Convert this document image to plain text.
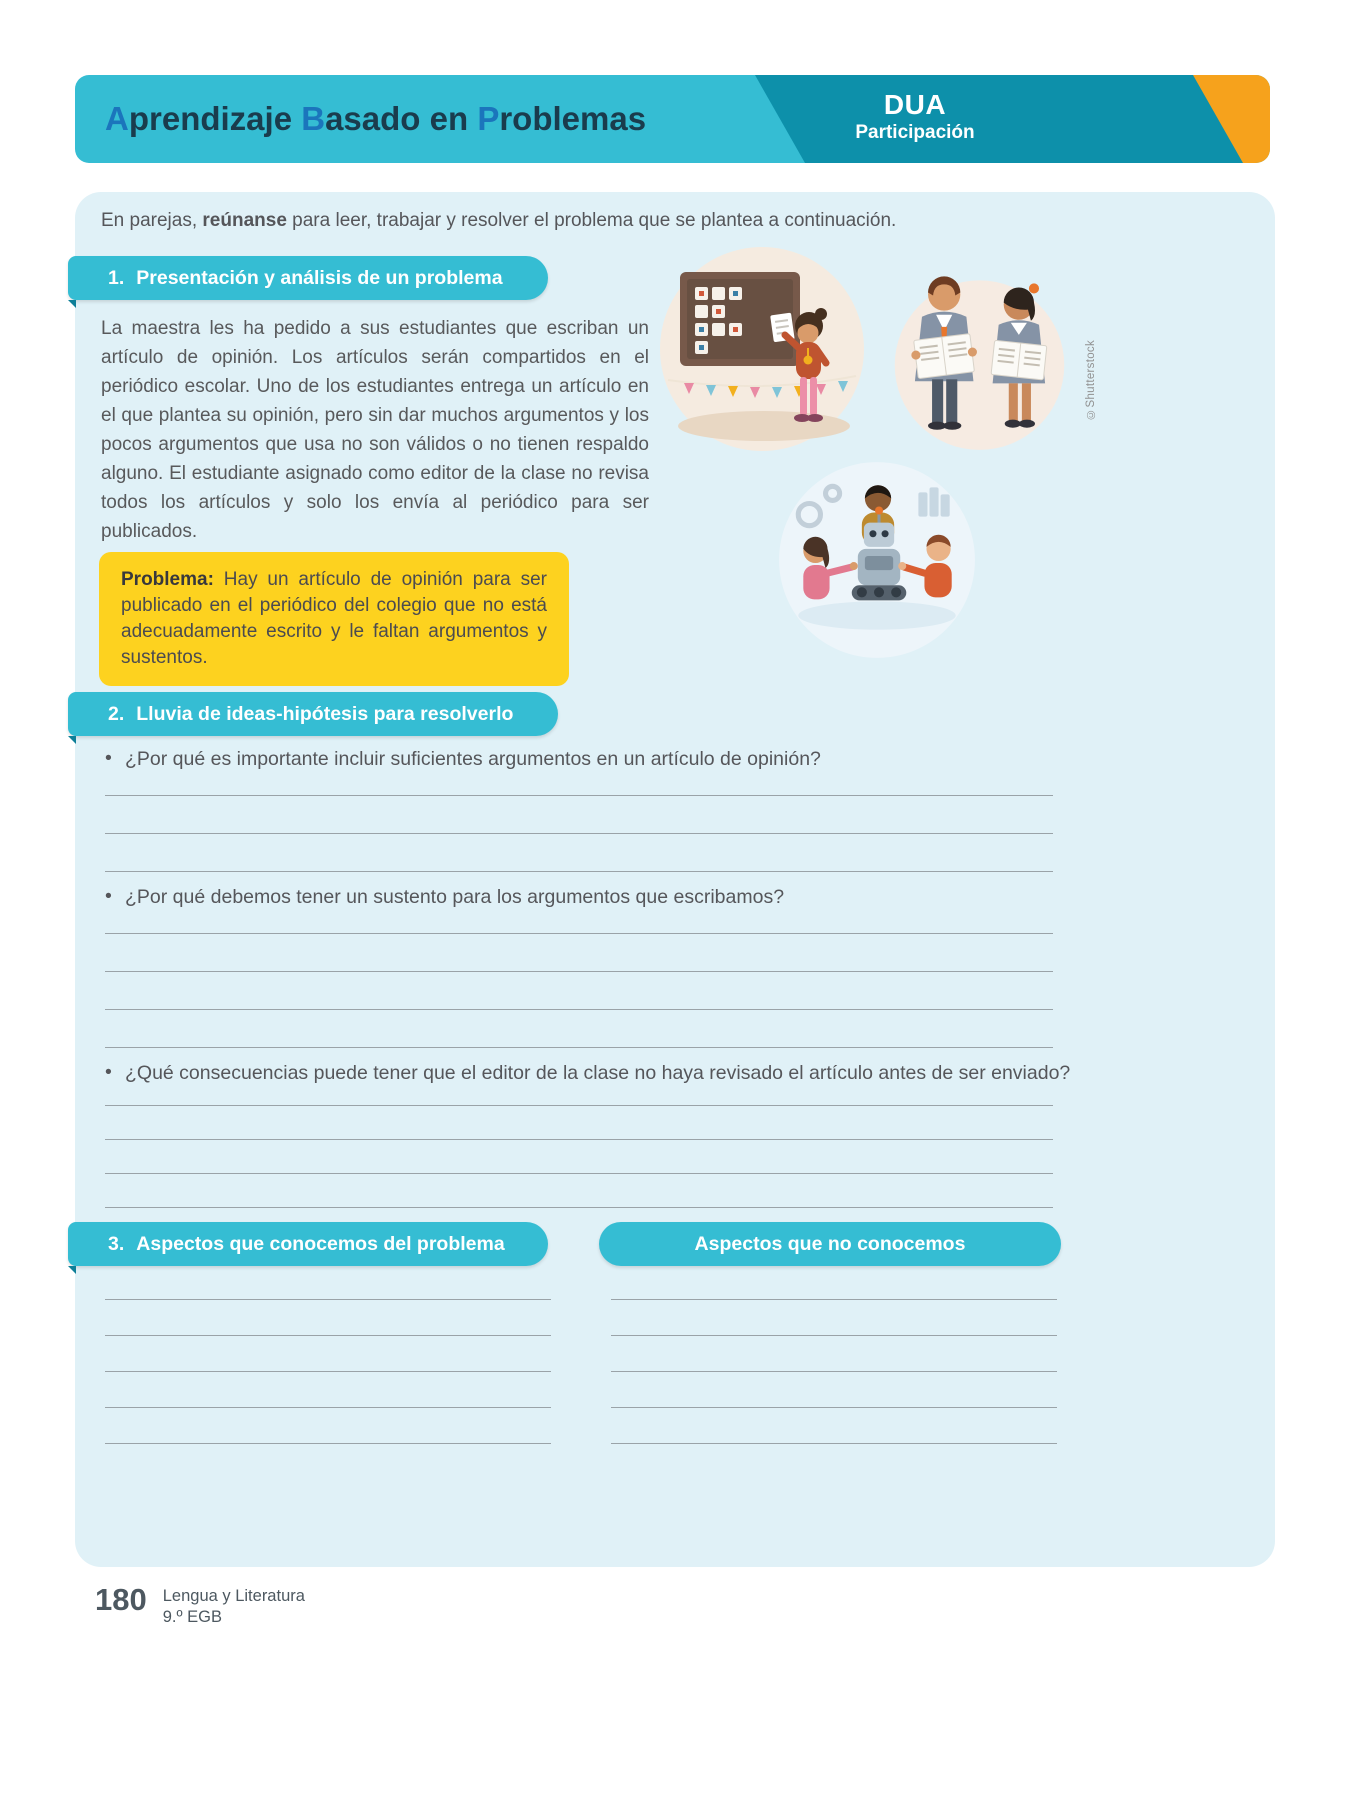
Aprendizaje Basado en Problemas	DUA
Participación

En parejas, reúnanse para leer, trabajar y resolver el problema que se plantea a continuación.

1. Presentación y análisis de un problema

La maestra les ha pedido a sus estudiantes que escriban un artículo de opinión. Los artículos serán compartidos en el periódico escolar. Uno de los estudiantes entrega un artículo en el que plantea su opinión, pero sin dar muchos argumentos y los pocos argumentos que usa no son válidos o no tienen respaldo alguno. El estudiante asignado como editor de la clase no revisa todos los artículos y solo los envía al periódico para ser publicados.

Problema: Hay un artículo de opinión para ser publicado en el periódico del colegio que no está adecuadamente escrito y le faltan argumentos y sustentos.
2. Lluvia de ideas-hipótesis para resolverlo
• ¿Por qué es importante incluir suficientes argumentos en un artículo de opinión?
• ¿Por qué debemos tener un sustento para los argumentos que escribamos?
• ¿Qué consecuencias puede tener que el editor de la clase no haya revisado el artículo antes de ser enviado?
3. Aspectos que conocemos del problema	Aspectos que no conocemos
©Shutterstock
180 Lengua y Literatura
9.º EGB
